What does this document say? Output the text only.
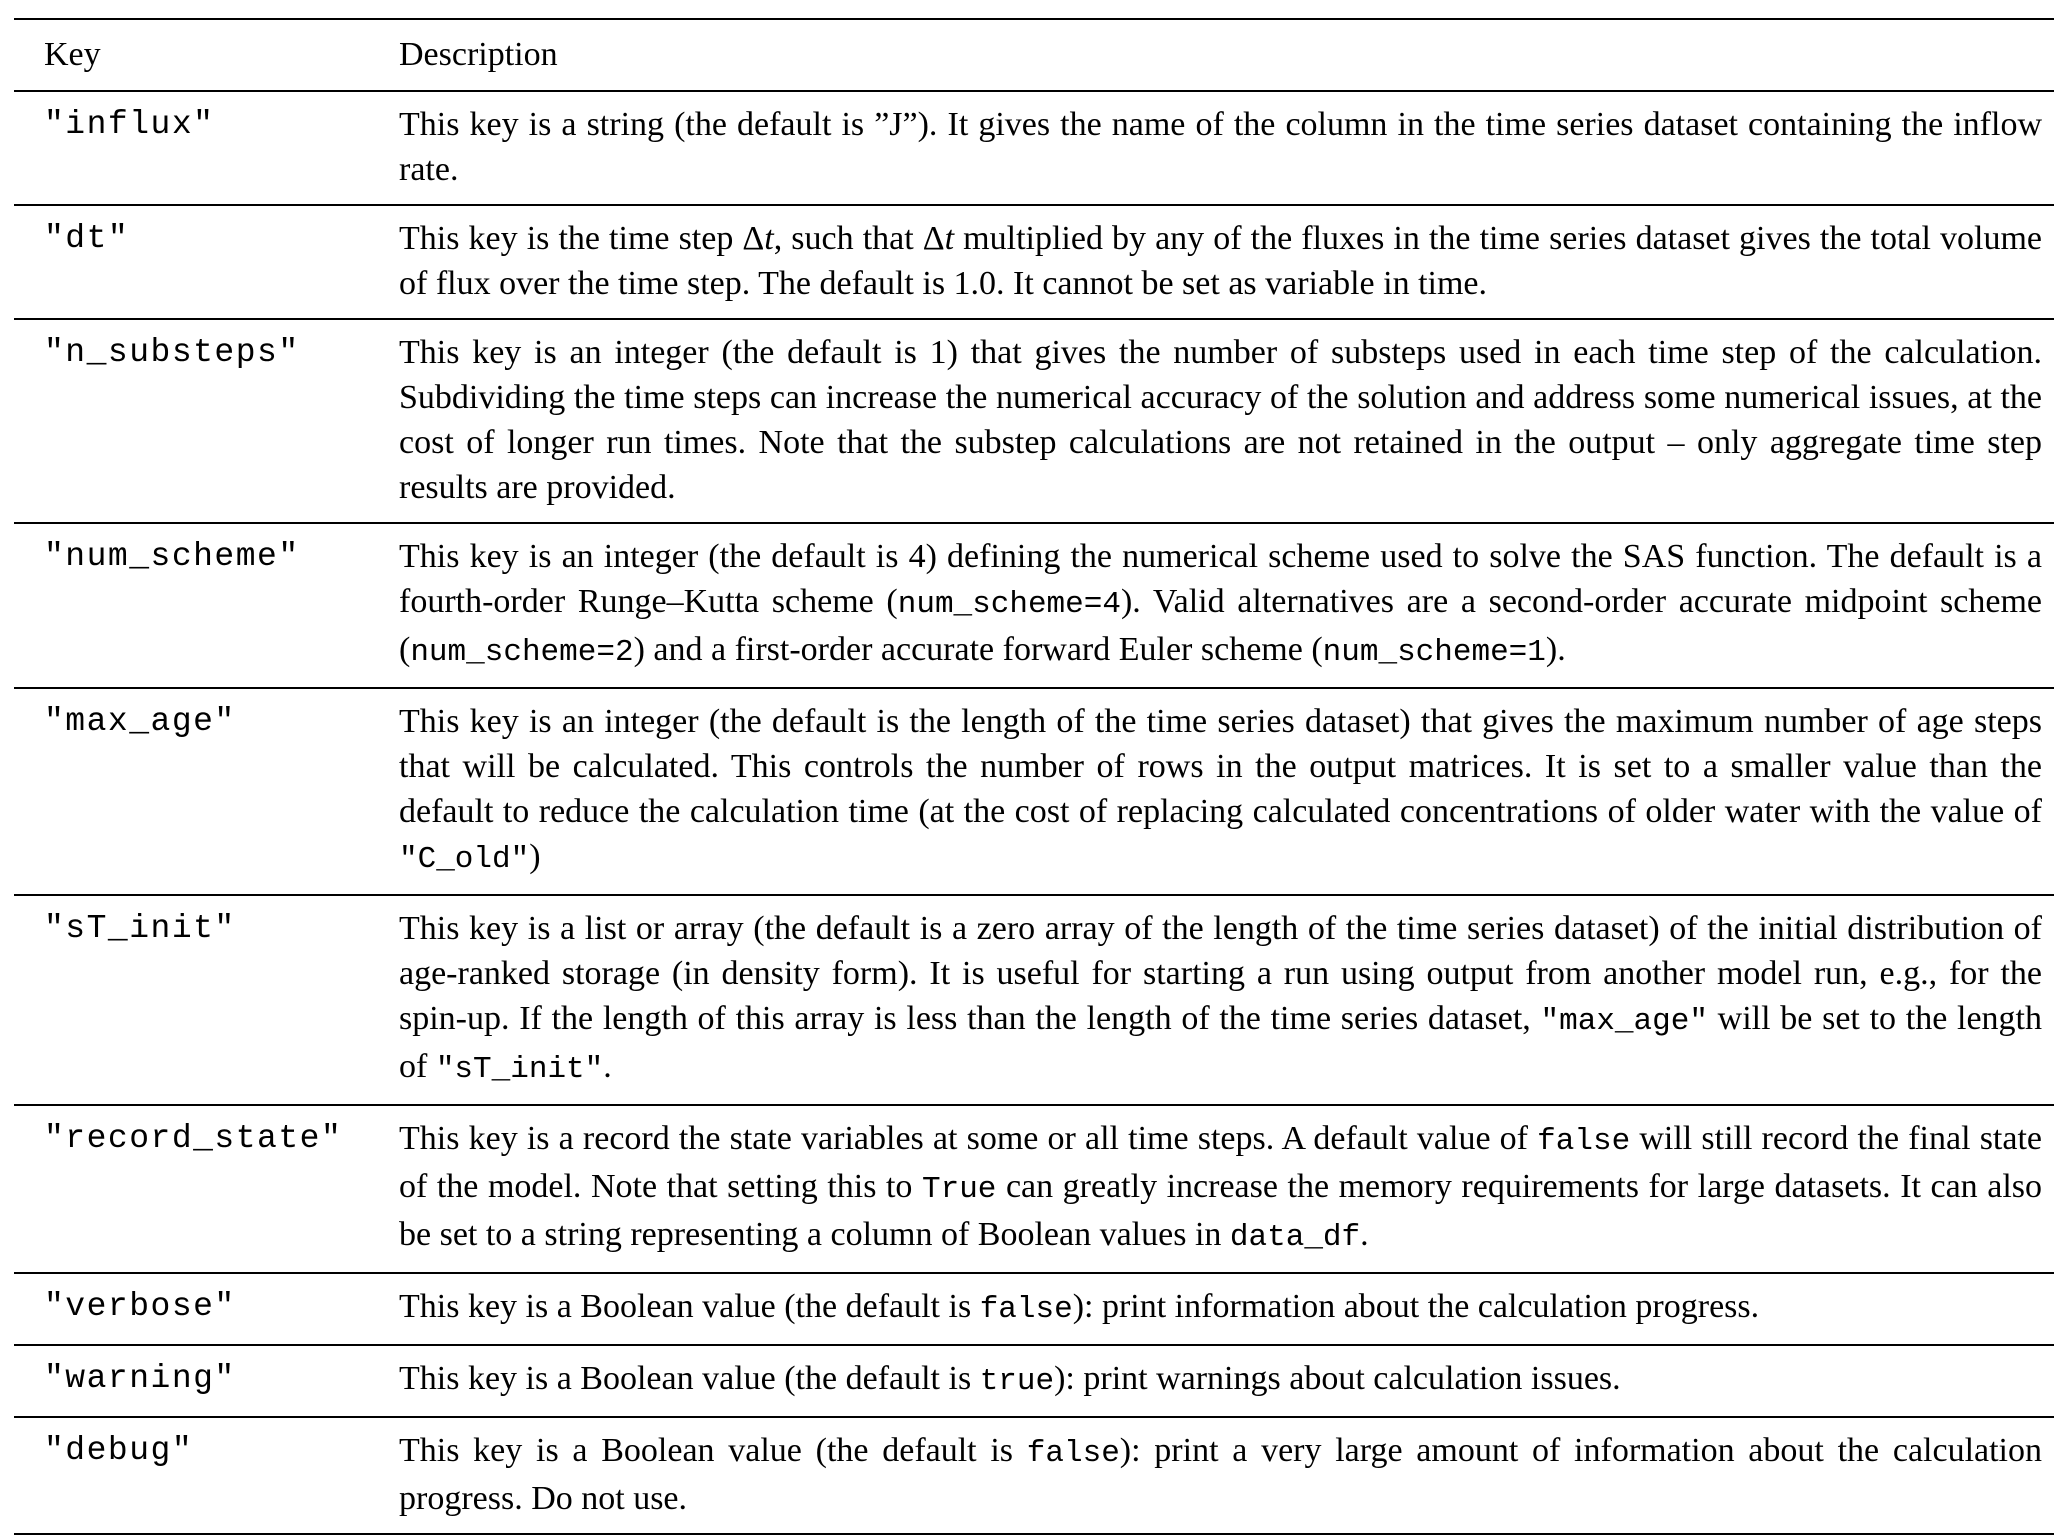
Key	Description
"influx"	This key is a string (the default is ”J”). It gives the name of the column in the time series dataset containing the inflow rate.
"dt"	This key is the time step Δt, such that Δt multiplied by any of the fluxes in the time series dataset gives the total volume of flux over the time step. The default is 1.0. It cannot be set as variable in time.
"n_substeps"	This key is an integer (the default is 1) that gives the number of substeps used in each time step of the calculation. Subdividing the time steps can increase the numerical accuracy of the solution and address some numerical issues, at the cost of longer run times. Note that the substep calculations are not retained in the output – only aggregate time step results are provided.
"num_scheme"	This key is an integer (the default is 4) defining the numerical scheme used to solve the SAS function. The default is a fourth-order Runge–Kutta scheme (num_scheme=4). Valid alternatives are a second-order accurate midpoint scheme (num_scheme=2) and a first-order accurate forward Euler scheme (num_scheme=1).
"max_age"	This key is an integer (the default is the length of the time series dataset) that gives the maximum number of age steps that will be calculated. This controls the number of rows in the output matrices. It is set to a smaller value than the default to reduce the calculation time (at the cost of replacing calculated concentrations of older water with the value of "C_old")
"sT_init"	This key is a list or array (the default is a zero array of the length of the time series dataset) of the initial distribution of age-ranked storage (in density form). It is useful for starting a run using output from another model run, e.g., for the spin-up. If the length of this array is less than the length of the time series dataset, "max_age" will be set to the length of "sT_init".
"record_state"	This key is a record the state variables at some or all time steps. A default value of false will still record the final state of the model. Note that setting this to True can greatly increase the memory requirements for large datasets. It can also be set to a string representing a column of Boolean values in data_df.
"verbose"	This key is a Boolean value (the default is false): print information about the calculation progress.
"warning"	This key is a Boolean value (the default is true): print warnings about calculation issues.
"debug"	This key is a Boolean value (the default is false): print a very large amount of information about the calculation progress. Do not use.
